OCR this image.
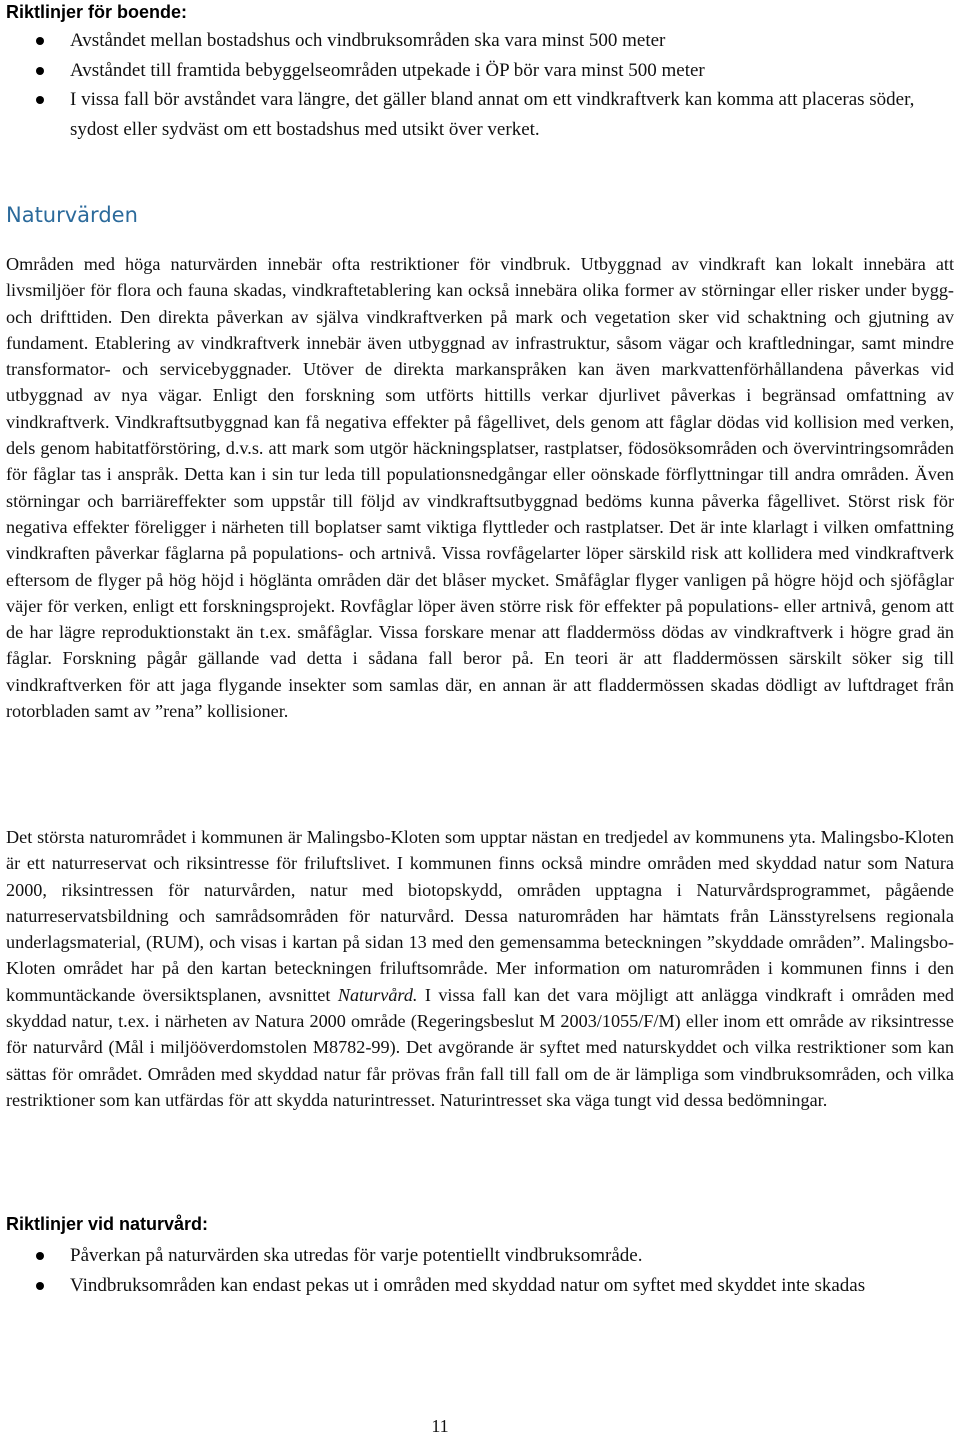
Riktlinjer för boende:
Avståndet mellan bostadshus och vindbruksområden ska vara minst 500 meter
Avståndet till framtida bebyggelseområden utpekade i ÖP bör vara minst 500 meter
I vissa fall bör avståndet vara längre, det gäller bland annat om ett vindkraftverk kan komma att placeras söder, sydost eller sydväst om ett bostadshus med utsikt över verket.
Naturvärden

Områden med höga naturvärden innebär ofta restriktioner för vindbruk. Utbyggnad av vindkraft kan lokalt innebära att livsmiljöer för flora och fauna skadas, vindkraftetablering kan också innebära olika former av störningar eller risker under bygg- och drifttiden. Den direkta påverkan av själva vindkraftverken på mark och vegetation sker vid schaktning och gjutning av fundament. Etablering av vindkraftverk innebär även utbyggnad av infrastruktur, såsom vägar och kraftledningar, samt mindre transformator- och servicebyggnader. Utöver de direkta markanspråken kan även markvattenförhållandena påverkas vid utbyggnad av nya vägar. Enligt den forskning som utförts hittills verkar djurlivet påverkas i begränsad omfattning av vindkraftverk. Vindkraftsutbyggnad kan få negativa effekter på fågellivet, dels genom att fåglar dödas vid kollision med verken, dels genom habitatförstöring, d.v.s. att mark som utgör häckningsplatser, rastplatser, födosöksområden och övervintringsområden för fåglar tas i anspråk. Detta kan i sin tur leda till populationsnedgångar eller oönskade förflyttningar till andra områden. Även störningar och barriäreffekter som uppstår till följd av vindkraftsutbyggnad bedöms kunna påverka fågellivet. Störst risk för negativa effekter föreligger i närheten till boplatser samt viktiga flyttleder och rastplatser. Det är inte klarlagt i vilken omfattning vindkraften påverkar fåglarna på populations- och artnivå. Vissa rovfågelarter löper särskild risk att kollidera med vindkraftverk eftersom de flyger på hög höjd i höglänta områden där det blåser mycket. Småfåglar flyger vanligen på högre höjd och sjöfåglar väjer för verken, enligt ett forskningsprojekt. Rovfåglar löper även större risk för effekter på populations- eller artnivå, genom att de har lägre reproduktionstakt än t.ex. småfåglar. Vissa forskare menar att fladdermöss dödas av vindkraftverk i högre grad än fåglar. Forskning pågår gällande vad detta i sådana fall beror på. En teori är att fladdermössen särskilt söker sig till vindkraftverken för att jaga flygande insekter som samlas där, en annan är att fladdermössen skadas dödligt av luftdraget från rotorbladen samt av ”rena” kollisioner.

Det största naturområdet i kommunen är Malingsbo-Kloten som upptar nästan en tredjedel av kommunens yta. Malingsbo-Kloten är ett naturreservat och riksintresse för friluftslivet. I kommunen finns också mindre områden med skyddad natur som Natura 2000, riksintressen för naturvården, natur med biotopskydd, områden upptagna i Naturvårdsprogrammet, pågående naturreservatsbildning och samrådsområden för naturvård. Dessa naturområden har hämtats från Länsstyrelsens regionala underlagsmaterial, (RUM), och visas i kartan på sidan 13 med den gemensamma beteckningen ”skyddade områden”. Malingsbo-Kloten området har på den kartan beteckningen friluftsområde. Mer information om naturområden i kommunen finns i den kommuntäckande översiktsplanen, avsnittet Naturvård. I vissa fall kan det vara möjligt att anlägga vindkraft i områden med skyddad natur, t.ex. i närheten av Natura 2000 område (Regeringsbeslut M 2003/1055/F/M) eller inom ett område av riksintresse för naturvård (Mål i miljööverdomstolen M8782-99). Det avgörande är syftet med naturskyddet och vilka restriktioner som kan sättas för området. Områden med skyddad natur får prövas från fall till fall om de är lämpliga som vindbruksområden, och vilka restriktioner som kan utfärdas för att skydda naturintresset. Naturintresset ska väga tungt vid dessa bedömningar.

Riktlinjer vid naturvård:
Påverkan på naturvärden ska utredas för varje potentiellt vindbruksområde.
Vindbruksområden kan endast pekas ut i områden med skyddad natur om syftet med skyddet inte skadas

11
